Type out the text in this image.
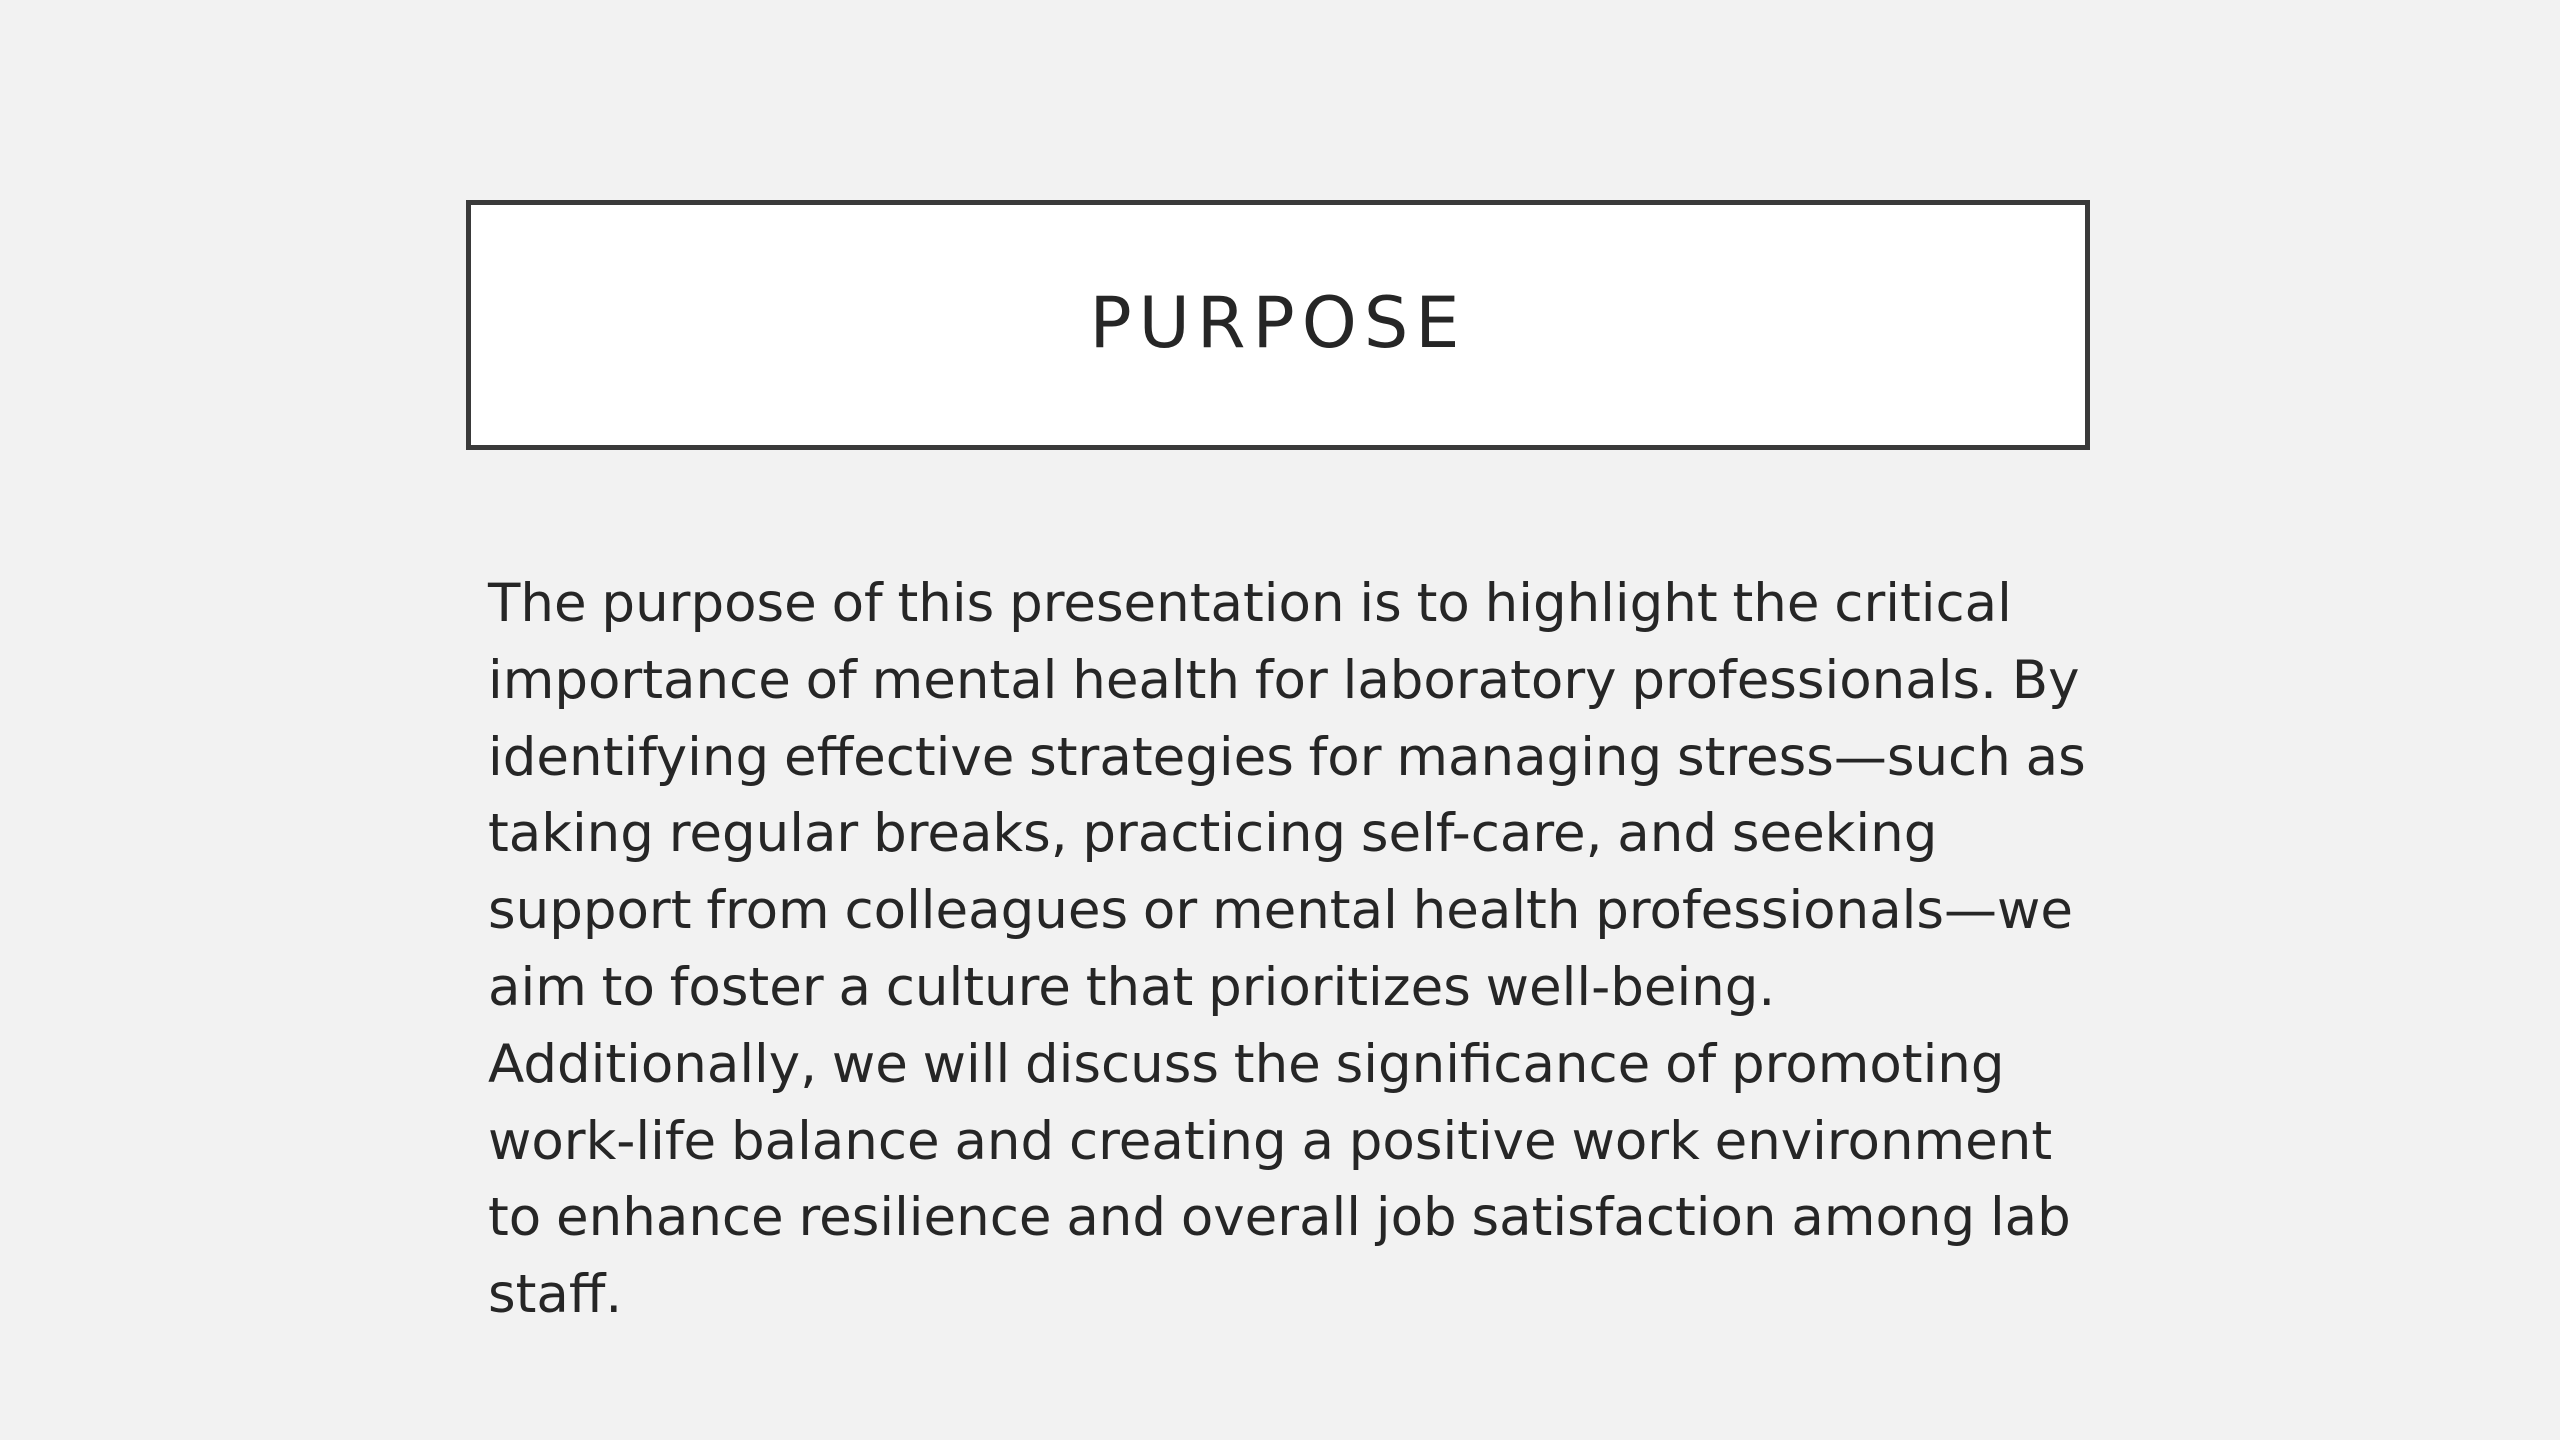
PURPOSE

The purpose of this presentation is to highlight the critical
importance of mental health for laboratory professionals. By
identifying effective strategies for managing stress—such as
taking regular breaks, practicing self-care, and seeking
support from colleagues or mental health professionals—we
aim to foster a culture that prioritizes well-being.
Additionally, we will discuss the significance of promoting
work-life balance and creating a positive work environment
to enhance resilience and overall job satisfaction among lab
staff.
